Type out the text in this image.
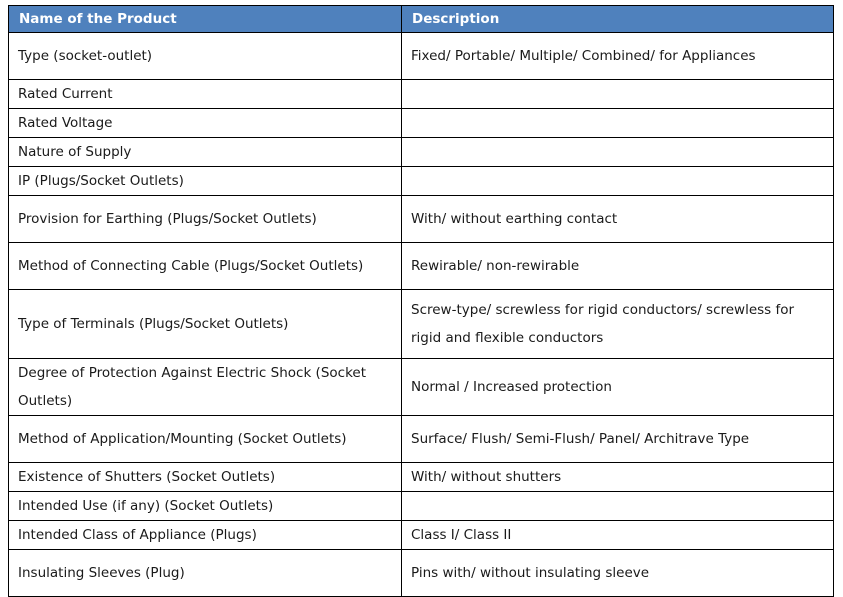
Name of the Product	Description
Type (socket-outlet)	Fixed/ Portable/ Multiple/ Combined/ for Appliances
Rated Current	
Rated Voltage	
Nature of Supply	
IP (Plugs/Socket Outlets)	
Provision for Earthing (Plugs/Socket Outlets)	With/ without earthing contact
Method of Connecting Cable (Plugs/Socket Outlets)	Rewirable/ non-rewirable
Type of Terminals (Plugs/Socket Outlets)	Screw-type/ screwless for rigid conductors/ screwless for rigid and flexible conductors
Degree of Protection Against Electric Shock (Socket Outlets)	Normal / Increased protection
Method of Application/Mounting (Socket Outlets)	Surface/ Flush/ Semi-Flush/ Panel/ Architrave Type
Existence of Shutters (Socket Outlets)	With/ without shutters
Intended Use (if any) (Socket Outlets)	
Intended Class of Appliance (Plugs)	Class I/ Class II
Insulating Sleeves (Plug)	Pins with/ without insulating sleeve
